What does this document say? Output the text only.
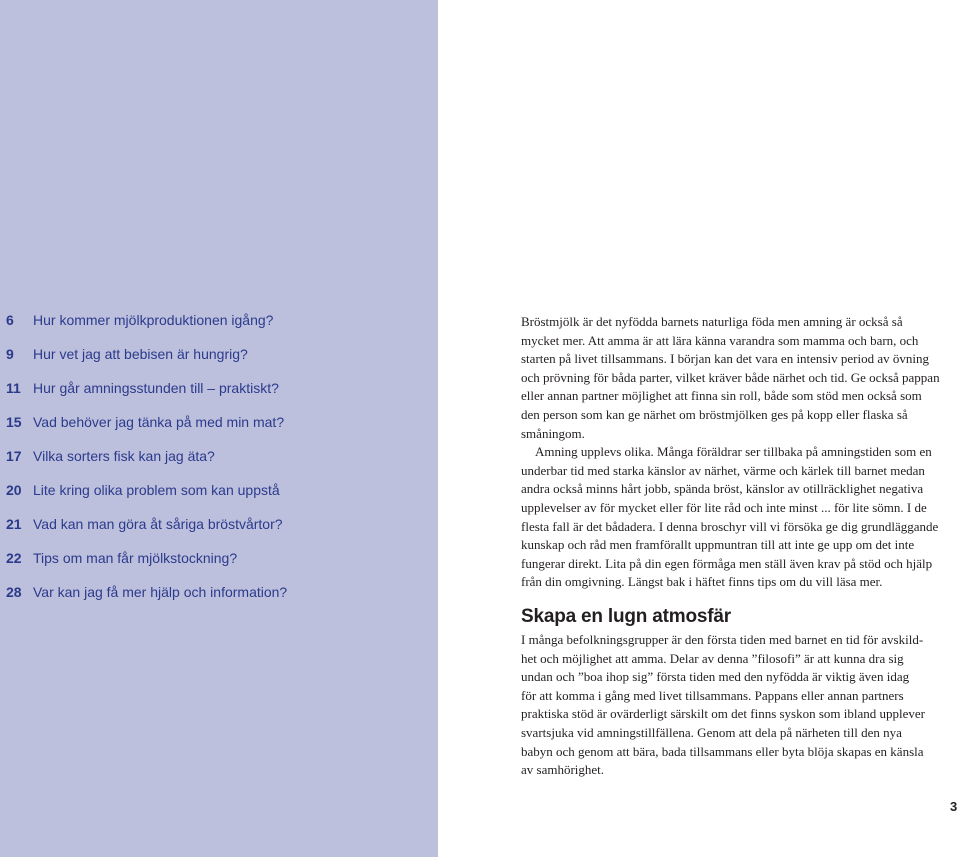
6 Hur kommer mjölkproduktionen igång?
9 Hur vet jag att bebisen är hungrig?
11 Hur går amningsstunden till – praktiskt?
15 Vad behöver jag tänka på med min mat?
17 Vilka sorters fisk kan jag äta?
20 Lite kring olika problem som kan uppstå
21 Vad kan man göra åt såriga bröstvårtor?
22 Tips om man får mjölkstockning?
28 Var kan jag få mer hjälp och information?
Bröstmjölk är det nyfödda barnets naturliga föda men amning är också så
mycket mer. Att amma är att lära känna varandra som mamma och barn, och
starten på livet tillsammans. I början kan det vara en intensiv period av övning
och prövning för båda parter, vilket kräver både närhet och tid. Ge också pappan
eller annan partner möjlighet att finna sin roll, både som stöd men också som
den person som kan ge närhet om bröstmjölken ges på kopp eller flaska så
småningom.
Amning upplevs olika. Många föräldrar ser tillbaka på amningstiden som en
underbar tid med starka känslor av närhet, värme och kärlek till barnet medan
andra också minns hårt jobb, spända bröst, känslor av otillräcklighet negativa
upplevelser av för mycket eller för lite råd och inte minst ... för lite sömn. I de
flesta fall är det bådadera. I denna broschyr vill vi försöka ge dig grundläggande
kunskap och råd men framförallt uppmuntran till att inte ge upp om det inte
fungerar direkt. Lita på din egen förmåga men ställ även krav på stöd och hjälp
från din omgivning. Längst bak i häftet finns tips om du vill läsa mer.
Skapa en lugn atmosfär
I många befolkningsgrupper är den första tiden med barnet en tid för avskild-
het och möjlighet att amma. Delar av denna ”filosofi” är att kunna dra sig
undan och ”boa ihop sig” första tiden med den nyfödda är viktig även idag
för att komma i gång med livet tillsammans. Pappans eller annan partners
praktiska stöd är ovärderligt särskilt om det finns syskon som ibland upplever
svartsjuka vid amningstillfällena. Genom att dela på närheten till den nya
babyn och genom att bära, bada tillsammans eller byta blöja skapas en känsla
av samhörighet.
3
